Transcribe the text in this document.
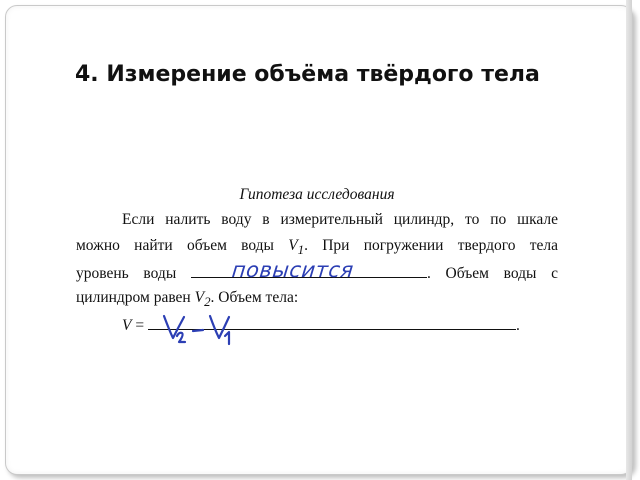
4. Измерение объёма твёрдого тела
Гипотеза исследования
Если налить воду в измерительный цилиндр, то по шкале
можно найти объем воды $V_1$. При погружении твердого тела
уровень воды	. Объем воды с
цилиндром равен $V_2$. Объем тела:
V =	.
повысится
